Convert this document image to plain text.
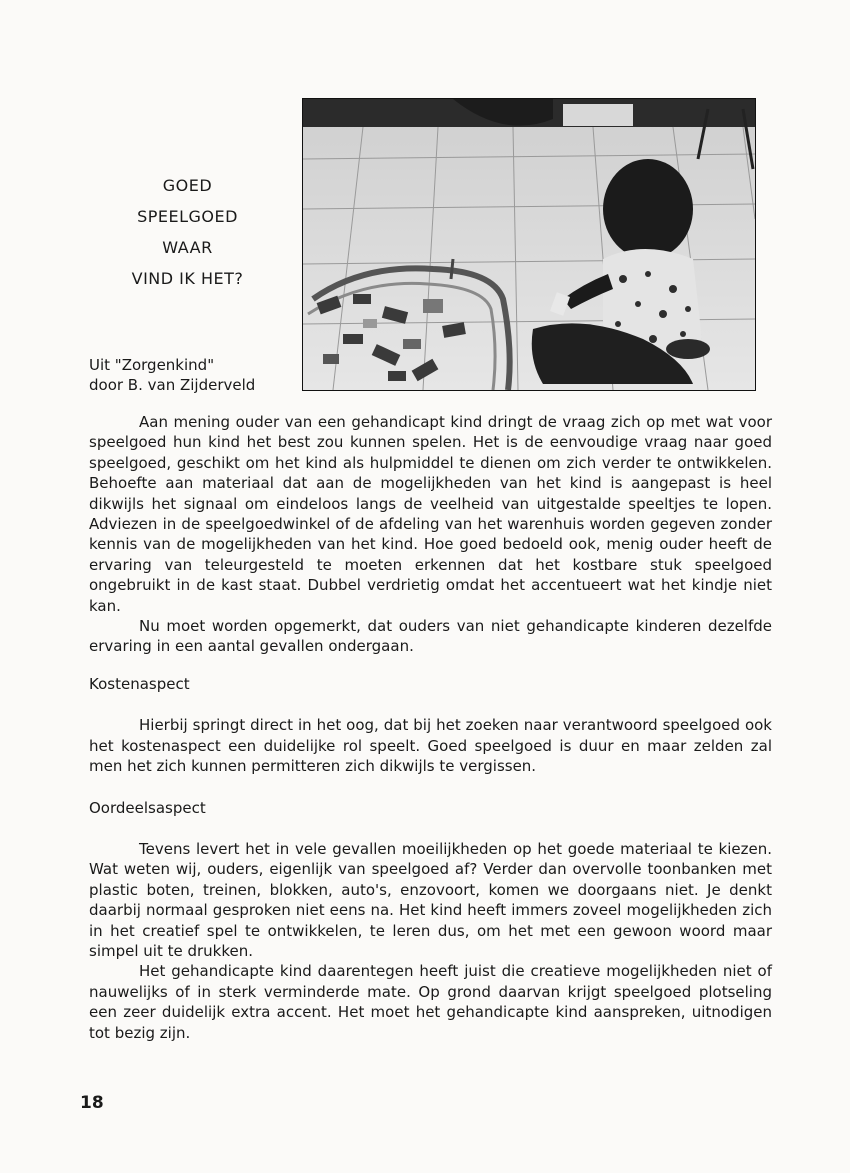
GOED
SPEELGOED
WAAR
VIND IK HET?
Uit "Zorgenkind"
door B. van Zijderveld

Aan mening ouder van een gehandicapt kind dringt de vraag zich op met wat voor speelgoed hun kind het best zou kunnen spelen. Het is de eenvoudige vraag naar goed speelgoed, geschikt om het kind als hulpmiddel te dienen om zich verder te ontwikkelen. Behoefte aan materiaal dat aan de mogelijkheden van het kind is aangepast is heel dikwijls het signaal om eindeloos langs de veelheid van uitgestalde speeltjes te lopen. Adviezen in de speelgoedwinkel of de afdeling van het warenhuis worden gegeven zonder kennis van de mogelijkheden van het kind. Hoe goed bedoeld ook, menig ouder heeft de ervaring van teleurgesteld te moeten erkennen dat het kostbare stuk speelgoed ongebruikt in de kast staat. Dubbel verdrietig omdat het accentueert wat het kindje niet kan.

Nu moet worden opgemerkt, dat ouders van niet gehandicapte kinderen dezelfde ervaring in een aantal gevallen ondergaan.

Kostenaspect

Hierbij springt direct in het oog, dat bij het zoeken naar verantwoord speelgoed ook het kostenaspect een duidelijke rol speelt. Goed speelgoed is duur en maar zelden zal men het zich kunnen permitteren zich dikwijls te vergissen.

Oordeelsaspect

Tevens levert het in vele gevallen moeilijkheden op het goede materiaal te kiezen. Wat weten wij, ouders, eigenlijk van speelgoed af? Verder dan overvolle toonbanken met plastic boten, treinen, blokken, auto's, enzovoort, komen we doorgaans niet. Je denkt daarbij normaal gesproken niet eens na. Het kind heeft immers zoveel mogelijkheden zich in het creatief spel te ontwikkelen, te leren dus, om het met een gewoon woord maar simpel uit te drukken.

Het gehandicapte kind daarentegen heeft juist die creatieve mogelijkheden niet of nauwelijks of in sterk verminderde mate. Op grond daarvan krijgt speelgoed plotseling een zeer duidelijk extra accent. Het moet het gehandicapte kind aanspreken, uitnodigen tot bezig zijn.

18
